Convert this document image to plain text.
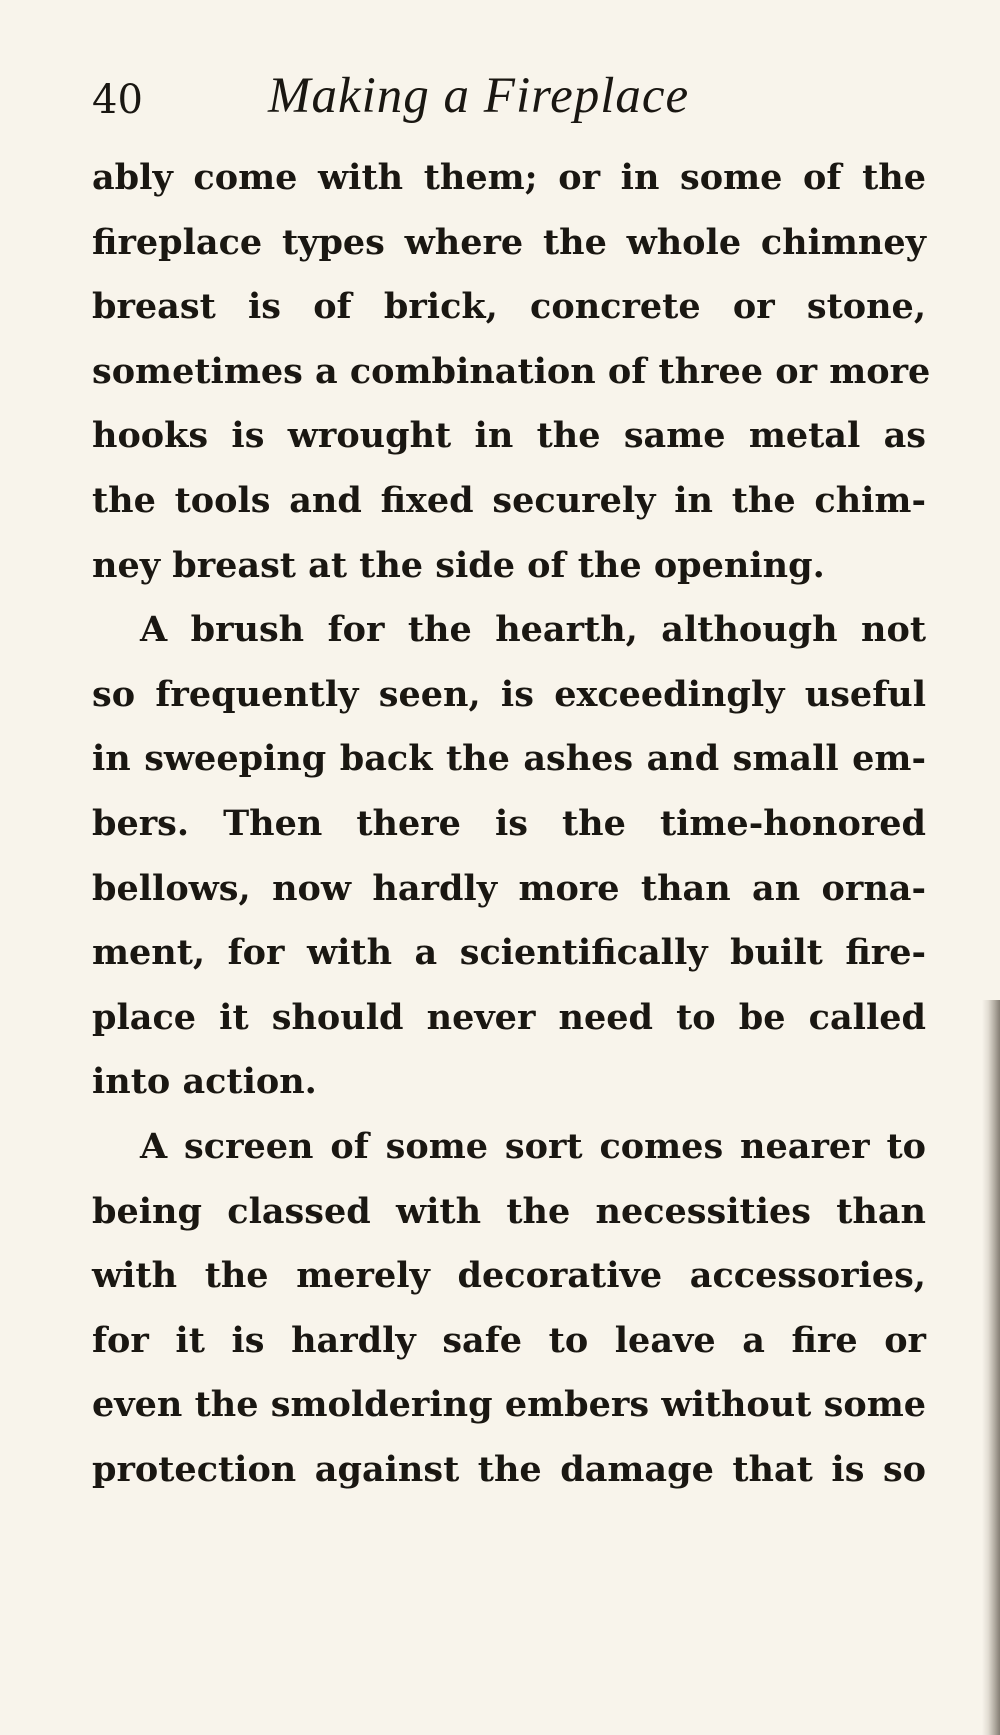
40 Making a Fireplace
ably come with them; or in some of the
fireplace types where the whole chimney
breast is of brick, concrete or stone,
sometimes a combination of three or more
hooks is wrought in the same metal as
the tools and fixed securely in the chim-
ney breast at the side of the opening.
A brush for the hearth, although not
so frequently seen, is exceedingly useful
in sweeping back the ashes and small em-
bers. Then there is the time-honored
bellows, now hardly more than an orna-
ment, for with a scientifically built fire-
place it should never need to be called
into action.
A screen of some sort comes nearer to
being classed with the necessities than
with the merely decorative accessories,
for it is hardly safe to leave a fire or
even the smoldering embers without some
protection against the damage that is so
